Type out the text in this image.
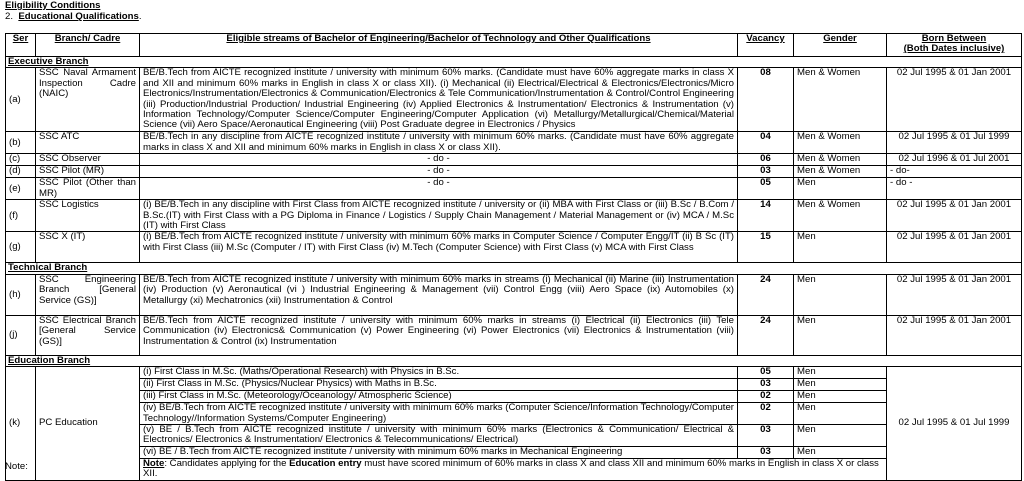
Eligibility Conditions
2. Educational Qualifications.
Ser	Branch/ Cadre	Eligible streams of Bachelor of Engineering/Bachelor of Technology and Other Qualifications	Vacancy	Gender	Born Between
(Both Dates inclusive)

Executive Branch					
(a)	SSC Naval Armament Inspection Cadre (NAIC)	BE/B.Tech from AICTE recognized institute / university with minimum 60% marks. (Candidate must have 60% aggregate marks in class X and XII and minimum 60% marks in English in class X or class XII). (i) Mechanical (ii) Electrical/Electrical & Electronics/Electronics/Micro Electronics/Instrumentation/Electronics & Communication/Electronics & Tele Communication/Instrumentation & Control/Control Engineering (iii) Production/Industrial Production/ Industrial Engineering (iv) Applied Electronics & Instrumentation/ Electronics & Instrumentation (v) Information Technology/Computer Science/Computer Engineering/Computer Application (vi) Metallurgy/Metallurgical/Chemical/Material Science (vii) Aero Space/Aeronautical Engineering (viii) Post Graduate degree in Electronics / Physics	08	Men & Women	02 Jul 1995 & 01 Jan 2001
(b)	SSC ATC	BE/B.Tech in any discipline from AICTE recognized institute / university with minimum 60% marks. (Candidate must have 60% aggregate marks in class X and XII and minimum 60% marks in English in class X or class XII).	04	Men & Women	02 Jul 1995 & 01 Jul 1999
(c)	SSC Observer	- do -	06	Men & Women	02 Jul 1996 & 01 Jul 2001
(d)	SSC Pilot (MR)	- do -	03	Men & Women	- do-
(e)	SSC Pilot (Other than MR)	- do -	05	Men	- do -
(f)	SSC Logistics	(i) BE/B.Tech in any discipline with First Class from AICTE recognized institute / university or (ii) MBA with First Class or (iii) B.Sc / B.Com / B.Sc.(IT) with First Class with a PG Diploma in Finance / Logistics / Supply Chain Management / Material Management or (iv) MCA / M.Sc (IT) with First Class	14	Men & Women	02 Jul 1995 & 01 Jan 2001
(g)	SSC X (IT)	(i) BE/B.Tech from AICTE recognized institute / university with minimum 60% marks in Computer Science / Computer Engg/IT (ii) B Sc (IT) with First Class (iii) M.Sc (Computer / IT) with First Class (iv) M.Tech (Computer Science) with First Class (v) MCA with First Class	15	Men	02 Jul 1995 & 01 Jan 2001
Technical Branch					
(h)	SSC Engineering Branch [General Service (GS)]	BE/B.Tech from AICTE recognized institute / university with minimum 60% marks in streams (i) Mechanical (ii) Marine (iii) Instrumentation (iv) Production (v) Aeronautical (vi ) Industrial Engineering & Management (vii) Control Engg (viii) Aero Space (ix) Automobiles (x) Metallurgy (xi) Mechatronics (xii) Instrumentation & Control	24	Men	02 Jul 1995 & 01 Jan 2001
(j)	SSC Electrical Branch [General Service (GS)]	BE/B.Tech from AICTE recognized institute / university with minimum 60% marks in streams (i) Electrical (ii) Electronics (iii) Tele Communication (iv) Electronics& Communication (v) Power Engineering (vi) Power Electronics (vii) Electronics & Instrumentation (viii) Instrumentation & Control (ix) Instrumentation	24	Men	02 Jul 1995 & 01 Jan 2001
Education Branch					
(k)	PC Education	(i) First Class in M.Sc. (Maths/Operational Research) with Physics in B.Sc.	05	Men	02 Jul 1995 & 01 Jul 1999
		(ii) First Class in M.Sc. (Physics/Nuclear Physics) with Maths in B.Sc.	03	Men	
		(iii) First Class in M.Sc. (Meteorology/Oceanology/ Atmospheric Science)	02	Men	
		(iv) BE/B.Tech from AICTE recognized institute / university with minimum 60% marks (Computer Science/Information Technology/Computer Technology//Information Systems/Computer Engineering)	02	Men	
		(v) BE / B.Tech from AICTE recognized institute / university with minimum 60% marks (Electronics & Communication/ Electrical & Electronics/ Electronics & Instrumentation/ Electronics & Telecommunications/ Electrical)	03	Men	
		(vi) BE / B.Tech from AICTE recognized institute / university with minimum 60% marks in Mechanical Engineering	03	Men	
		Note: Candidates applying for the Education entry must have scored minimum of 60% marks in class X and class XII and minimum 60% marks in English in class X or class XII.			
Note:
